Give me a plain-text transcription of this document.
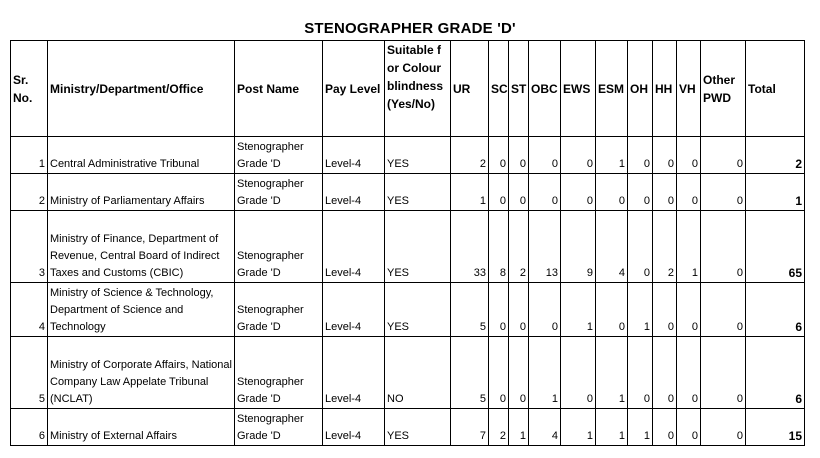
STENOGRAPHER GRADE 'D'
Sr. No.	Ministry/Department/Office	Post Name	Pay Level	Suitable for Colourblindness (Yes/No)	UR	SC	ST	OBC	EWS	ESM	OH	HH	VH	Other PWD	Total
1	Central Administrative Tribunal	Stenographer Grade 'D	Level-4	YES	2	0	0	0	0	1	0	0	0	0	2
2	Ministry of Parliamentary Affairs	Stenographer Grade 'D	Level-4	YES	1	0	0	0	0	0	0	0	0	0	1
3	Ministry of Finance, Department of Revenue, Central Board of Indirect Taxes and Customs (CBIC)	Stenographer Grade 'D	Level-4	YES	33	8	2	13	9	4	0	2	1	0	65
4	Ministry of Science & Technology, Department of Science and Technology	Stenographer Grade 'D	Level-4	YES	5	0	0	0	1	0	1	0	0	0	6
5	Ministry of Corporate Affairs, National Company Law Appelate Tribunal (NCLAT)	Stenographer Grade 'D	Level-4	NO	5	0	0	1	0	1	0	0	0	0	6
6	Ministry of External Affairs	Stenographer Grade 'D	Level-4	YES	7	2	1	4	1	1	1	0	0	0	15
